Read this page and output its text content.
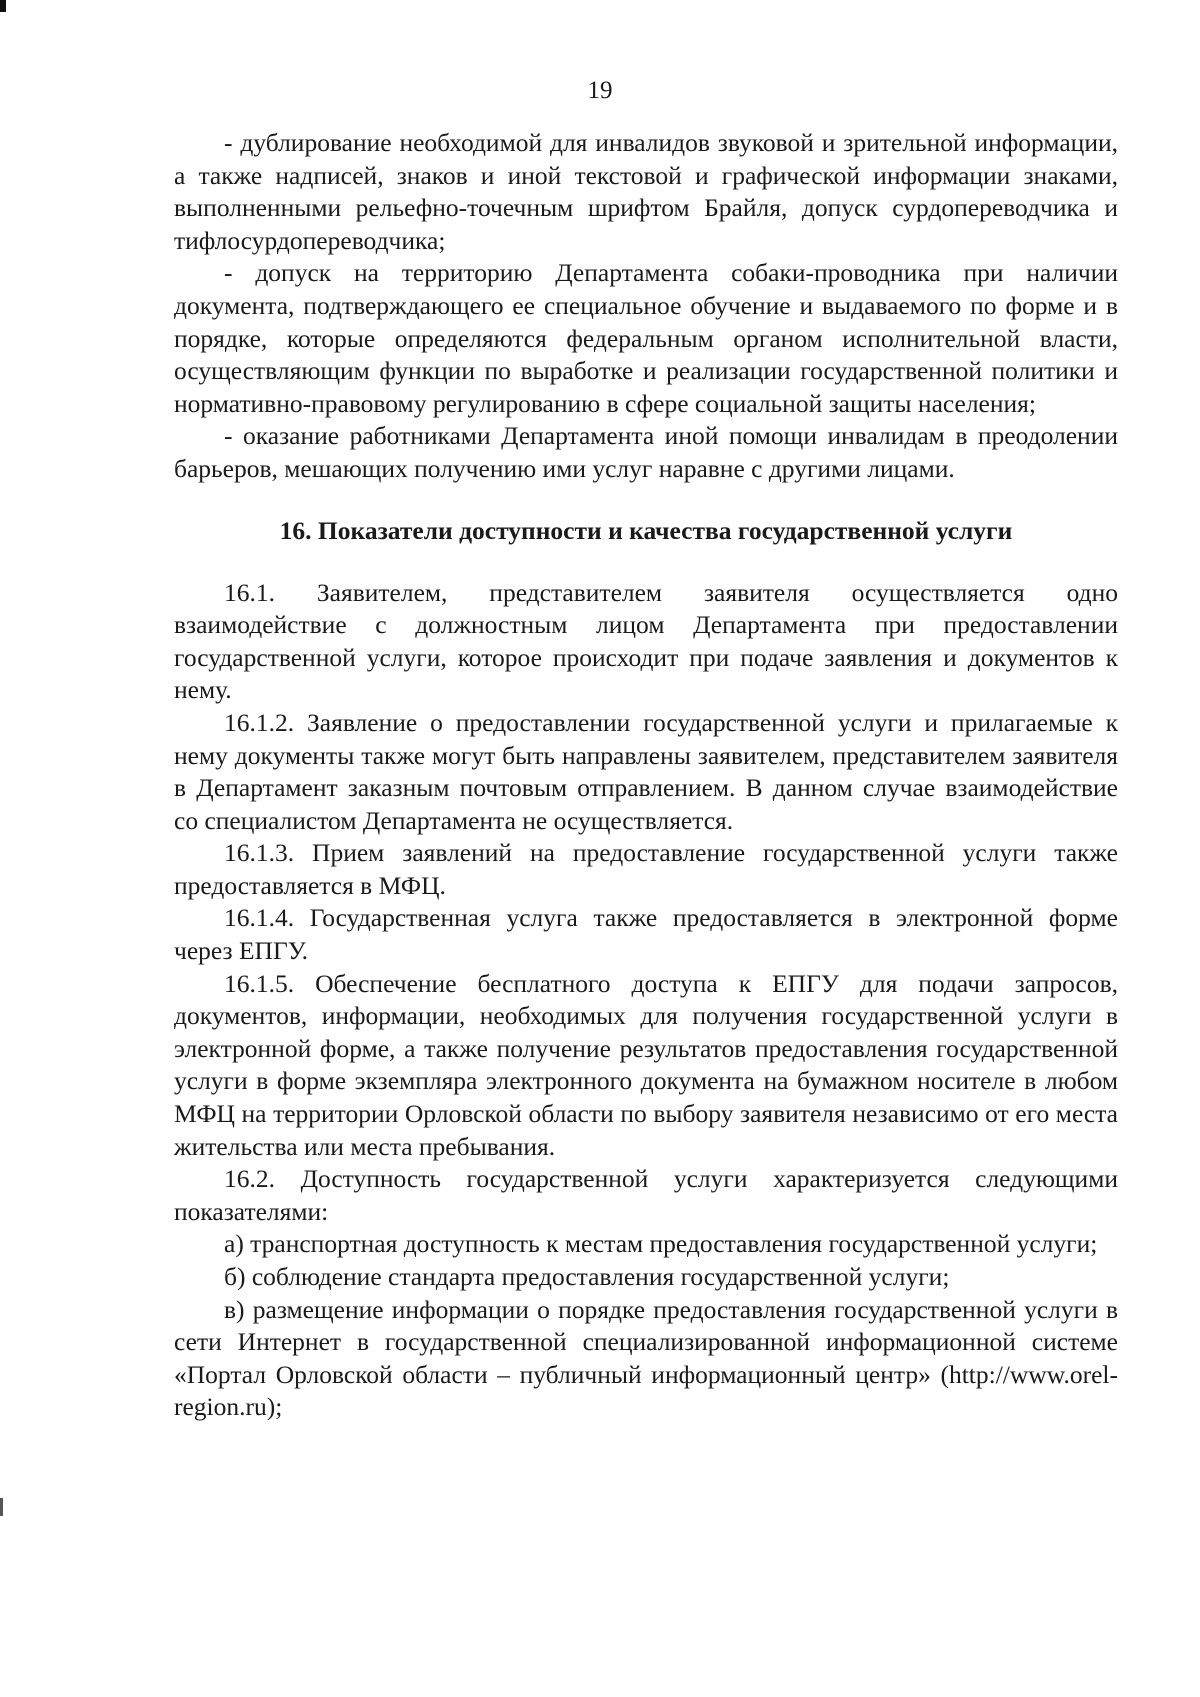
19

- дублирование необходимой для инвалидов звуковой и зрительной информации, а также надписей, знаков и иной текстовой и графической информации знаками, выполненными рельефно-точечным шрифтом Брайля, допуск сурдопереводчика и тифлосурдопереводчика;

- допуск на территорию Департамента собаки-проводника при наличии документа, подтверждающего ее специальное обучение и выдаваемого по форме и в порядке, которые определяются федеральным органом исполнительной власти, осуществляющим функции по выработке и реализации государственной политики и нормативно-правовому регулированию в сфере социальной защиты населения;

- оказание работниками Департамента иной помощи инвалидам в преодолении барьеров, мешающих получению ими услуг наравне с другими лицами.

16. Показатели доступности и качества государственной услуги

16.1. Заявителем, представителем заявителя осуществляется одно взаимодействие с должностным лицом Департамента при предоставлении государственной услуги, которое происходит при подаче заявления и документов к нему.

16.1.2. Заявление о предоставлении государственной услуги и прилагаемые к нему документы также могут быть направлены заявителем, представителем заявителя в Департамент заказным почтовым отправлением. В данном случае взаимодействие со специалистом Департамента не осуществляется.

16.1.3. Прием заявлений на предоставление государственной услуги также предоставляется в МФЦ.

16.1.4. Государственная услуга также предоставляется в электронной форме через ЕПГУ.

16.1.5. Обеспечение бесплатного доступа к ЕПГУ для подачи запросов, документов, информации, необходимых для получения государственной услуги в электронной форме, а также получение результатов предоставления государственной услуги в форме экземпляра электронного документа на бумажном носителе в любом МФЦ на территории Орловской области по выбору заявителя независимо от его места жительства или места пребывания.

16.2. Доступность государственной услуги характеризуется следующими показателями:

а) транспортная доступность к местам предоставления государственной услуги;

б) соблюдение стандарта предоставления государственной услуги;

в) размещение информации о порядке предоставления государственной услуги в сети Интернет в государственной специализированной информационной системе «Портал Орловской области – публичный информационный центр» (http://www.orel-region.ru);
